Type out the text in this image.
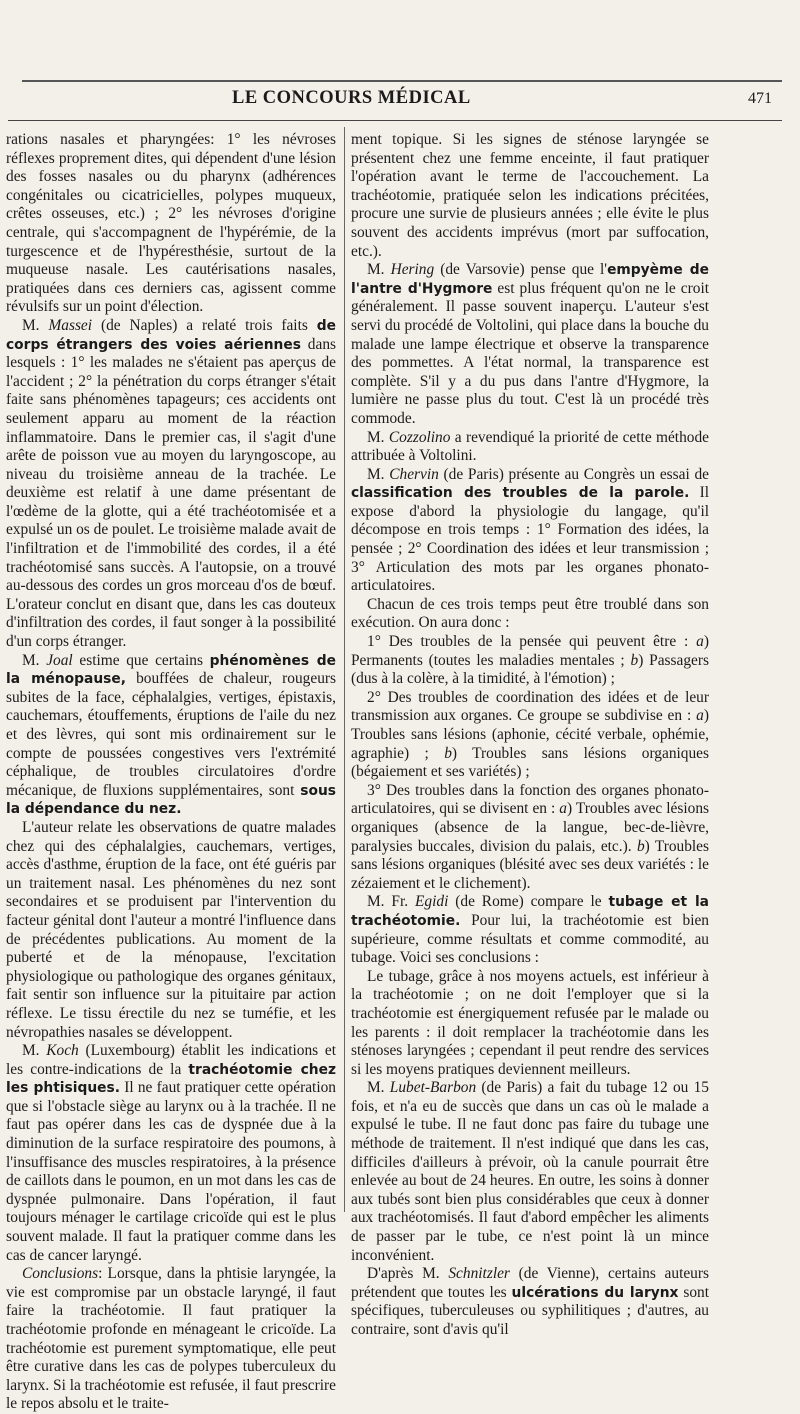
LE CONCOURS MÉDICAL	471

rations nasales et pharyngées: 1° les névroses réflexes proprement dites, qui dépendent d'une lésion des fosses nasales ou du pharynx (adhérences congénitales ou cicatricielles, polypes muqueux, crêtes osseuses, etc.) ; 2° les névroses d'origine centrale, qui s'accompagnent de l'hypérémie, de la turgescence et de l'hypéresthésie, surtout de la muqueuse nasale. Les cautérisations nasales, pratiquées dans ces derniers cas, agissent comme révulsifs sur un point d'élection.

M. Massei (de Naples) a relaté trois faits de corps étrangers des voies aériennes dans lesquels : 1° les malades ne s'étaient pas aperçus de l'accident ; 2° la pénétration du corps étranger s'était faite sans phénomènes tapageurs; ces accidents ont seulement apparu au moment de la réaction inflammatoire. Dans le premier cas, il s'agit d'une arête de poisson vue au moyen du laryngoscope, au niveau du troisième anneau de la trachée. Le deuxième est relatif à une dame présentant de l'œdème de la glotte, qui a été trachéotomisée et a expulsé un os de poulet. Le troisième malade avait de l'infiltration et de l'immobilité des cordes, il a été trachéotomisé sans succès. A l'autopsie, on a trouvé au-dessous des cordes un gros morceau d'os de bœuf. L'orateur conclut en disant que, dans les cas douteux d'infiltration des cordes, il faut songer à la possibilité d'un corps étranger.

M. Joal estime que certains phénomènes de la ménopause, bouffées de chaleur, rougeurs subites de la face, céphalalgies, vertiges, épistaxis, cauchemars, étouffements, éruptions de l'aile du nez et des lèvres, qui sont mis ordinairement sur le compte de poussées congestives vers l'extrémité céphalique, de troubles circulatoires d'ordre mécanique, de fluxions supplémentaires, sont sous la dépendance du nez.

L'auteur relate les observations de quatre malades chez qui des céphalalgies, cauchemars, vertiges, accès d'asthme, éruption de la face, ont été guéris par un traitement nasal. Les phénomènes du nez sont secondaires et se produisent par l'intervention du facteur génital dont l'auteur a montré l'influence dans de précédentes publications. Au moment de la puberté et de la ménopause, l'excitation physiologique ou pathologique des organes génitaux, fait sentir son influence sur la pituitaire par action réflexe. Le tissu érectile du nez se tuméfie, et les névropathies nasales se développent.

M. Koch (Luxembourg) établit les indications et les contre-indications de la trachéotomie chez les phtisiques. Il ne faut pratiquer cette opération que si l'obstacle siège au larynx ou à la trachée. Il ne faut pas opérer dans les cas de dyspnée due à la diminution de la surface respiratoire des poumons, à l'insuffisance des muscles respiratoires, à la présence de caillots dans le poumon, en un mot dans les cas de dyspnée pulmonaire. Dans l'opération, il faut toujours ménager le cartilage cricoïde qui est le plus souvent malade. Il faut la pratiquer comme dans les cas de cancer laryngé.

Conclusions: Lorsque, dans la phtisie laryngée, la vie est compromise par un obstacle laryngé, il faut faire la trachéotomie. Il faut pratiquer la trachéotomie profonde en ménageant le cricoïde. La trachéotomie est purement symptomatique, elle peut être curative dans les cas de polypes tuberculeux du larynx. Si la trachéotomie est refusée, il faut prescrire le repos absolu et le traite-

ment topique. Si les signes de sténose laryngée se présentent chez une femme enceinte, il faut pratiquer l'opération avant le terme de l'accouchement. La trachéotomie, pratiquée selon les indications précitées, procure une survie de plusieurs années ; elle évite le plus souvent des accidents imprévus (mort par suffocation, etc.).

M. Hering (de Varsovie) pense que l'empyème de l'antre d'Hygmore est plus fréquent qu'on ne le croit généralement. Il passe souvent inaperçu. L'auteur s'est servi du procédé de Voltolini, qui place dans la bouche du malade une lampe électrique et observe la transparence des pommettes. A l'état normal, la transparence est complète. S'il y a du pus dans l'antre d'Hygmore, la lumière ne passe plus du tout. C'est là un procédé très commode.

M. Cozzolino a revendiqué la priorité de cette méthode attribuée à Voltolini.

M. Chervin (de Paris) présente au Congrès un essai de classification des troubles de la parole. Il expose d'abord la physiologie du langage, qu'il décompose en trois temps : 1° Formation des idées, la pensée ; 2° Coordination des idées et leur transmission ; 3° Articulation des mots par les organes phonato-articulatoires.

Chacun de ces trois temps peut être troublé dans son exécution. On aura donc :

1° Des troubles de la pensée qui peuvent être : a) Permanents (toutes les maladies mentales ; b) Passagers (dus à la colère, à la timidité, à l'émotion) ;

2° Des troubles de coordination des idées et de leur transmission aux organes. Ce groupe se subdivise en : a) Troubles sans lésions (aphonie, cécité verbale, ophémie, agraphie) ; b) Troubles sans lésions organiques (bégaiement et ses variétés) ;

3° Des troubles dans la fonction des organes phonato-articulatoires, qui se divisent en : a) Troubles avec lésions organiques (absence de la langue, bec-de-lièvre, paralysies buccales, division du palais, etc.). b) Troubles sans lésions organiques (blésité avec ses deux variétés : le zézaiement et le clichement).

M. Fr. Egidi (de Rome) compare le tubage et la trachéotomie. Pour lui, la trachéotomie est bien supérieure, comme résultats et comme commodité, au tubage. Voici ses conclusions :

Le tubage, grâce à nos moyens actuels, est inférieur à la trachéotomie ; on ne doit l'employer que si la trachéotomie est énergiquement refusée par le malade ou les parents : il doit remplacer la trachéotomie dans les sténoses laryngées ; cependant il peut rendre des services si les moyens pratiques deviennent meilleurs.

M. Lubet-Barbon (de Paris) a fait du tubage 12 ou 15 fois, et n'a eu de succès que dans un cas où le malade a expulsé le tube. Il ne faut donc pas faire du tubage une méthode de traitement. Il n'est indiqué que dans les cas, difficiles d'ailleurs à prévoir, où la canule pourrait être enlevée au bout de 24 heures. En outre, les soins à donner aux tubés sont bien plus considérables que ceux à donner aux trachéotomisés. Il faut d'abord empêcher les aliments de passer par le tube, ce n'est point là un mince inconvénient.

D'après M. Schnitzler (de Vienne), certains auteurs prétendent que toutes les ulcérations du larynx sont spécifiques, tuberculeuses ou syphilitiques ; d'autres, au contraire, sont d'avis qu'il
